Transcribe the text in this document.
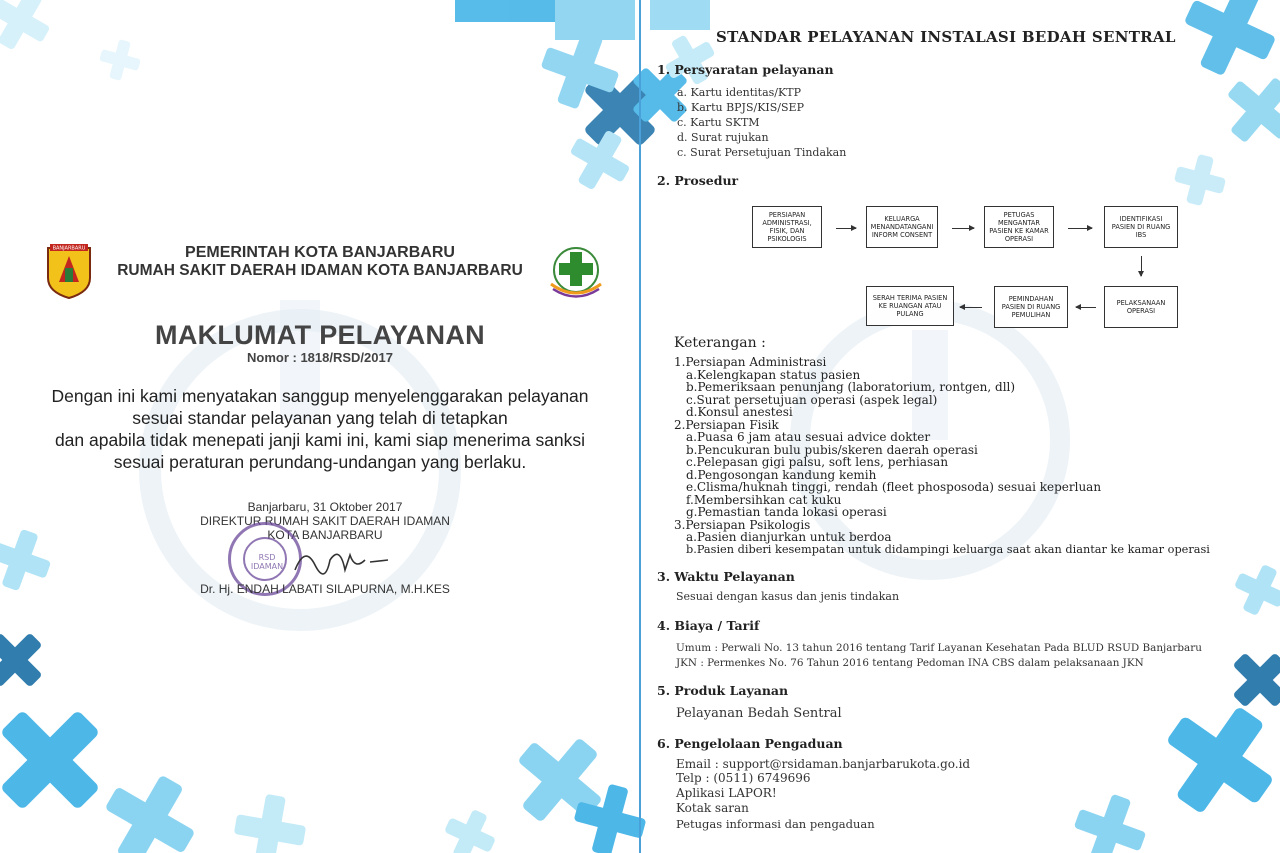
BANJARBARU	PEMERINTAH KOTA BANJARBARU
RUMAH SAKIT DAERAH IDAMAN KOTA BANJARBARU
MAKLUMAT PELAYANAN
Nomor : 1818/RSD/2017
Dengan ini kami menyatakan sanggup menyelenggarakan pelayanan
sesuai standar pelayanan yang telah di tetapkan
dan apabila tidak menepati janji kami ini, kami siap menerima sanksi
sesuai peraturan perundang-undangan yang berlaku.
Banjarbaru, 31 Oktober 2017
DIREKTUR RUMAH SAKIT DAERAH IDAMAN
KOTA BANJARBARU
RSD IDAMAN
Dr. Hj. ENDAH LABATI SILAPURNA, M.H.KES
STANDAR PELAYANAN INSTALASI BEDAH SENTRAL
1. Persyaratan pelayanan
a. Kartu identitas/KTP
b. Kartu BPJS/KIS/SEP
c. Kartu SKTM
d. Surat rujukan
c. Surat Persetujuan Tindakan
2. Prosedur
PERSIAPAN ADMINISTRASI, FISIK, DAN PSIKOLOGIS
KELUARGA MENANDATANGANI INFORM CONSENT
PETUGAS MENGANTAR PASIEN KE KAMAR OPERASI
IDENTIFIKASI PASIEN DI RUANG IBS
PELAKSANAAN OPERASI
PEMINDAHAN PASIEN DI RUANG PEMULIHAN
SERAH TERIMA PASIEN KE RUANGAN ATAU PULANG
Keterangan :
1.Persiapan Administrasi
a.Kelengkapan status pasien
b.Pemeriksaan penunjang (laboratorium, rontgen, dll)
c.Surat persetujuan operasi (aspek legal)
d.Konsul anestesi
2.Persiapan Fisik
a.Puasa 6 jam atau sesuai advice dokter
b.Pencukuran bulu pubis/skeren daerah operasi
c.Pelepasan gigi palsu, soft lens, perhiasan
d.Pengosongan kandung kemih
e.Clisma/huknah tinggi, rendah (fleet phosposoda) sesuai keperluan
f.Membersihkan cat kuku
g.Pemastian tanda lokasi operasi
3.Persiapan Psikologis
a.Pasien dianjurkan untuk berdoa
b.Pasien diberi kesempatan untuk didampingi keluarga saat akan diantar ke kamar operasi
3. Waktu Pelayanan
Sesuai dengan kasus dan jenis tindakan
4. Biaya / Tarif
Umum : Perwali No. 13 tahun 2016 tentang Tarif Layanan Kesehatan Pada BLUD RSUD Banjarbaru
JKN : Permenkes No. 76 Tahun 2016 tentang Pedoman INA CBS dalam pelaksanaan JKN
5. Produk Layanan
Pelayanan Bedah Sentral
6. Pengelolaan Pengaduan
Email : support@rsidaman.banjarbarukota.go.id
Telp : (0511) 6749696
Aplikasi LAPOR!
Kotak saran
Petugas informasi dan pengaduan
